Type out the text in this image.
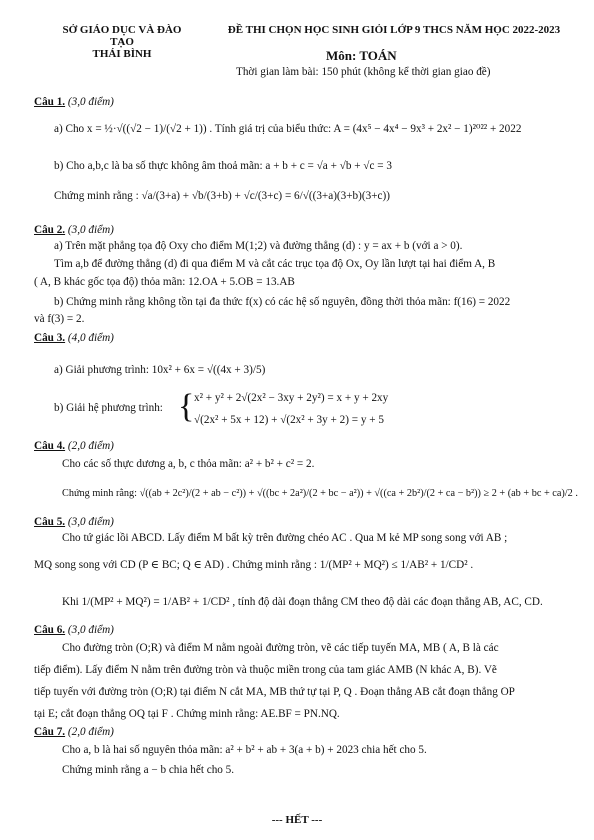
SỞ GIÁO DỤC VÀ ĐÀO TẠO
THÁI BÌNH
ĐỀ THI CHỌN HỌC SINH GIỎI LỚP 9 THCS NĂM HỌC 2022-2023
Môn: TOÁN
Thời gian làm bài: 150 phút (không kể thời gian giao đề)
Câu 1. (3,0 điểm)
a) Cho x = ½·√((√2 − 1)/(√2 + 1)) . Tính giá trị của biểu thức: A = (4x⁵ − 4x⁴ − 9x³ + 2x² − 1)²⁰²² + 2022
b) Cho a,b,c là ba số thực không âm thoả mãn: a + b + c = √a + √b + √c = 3
Chứng minh rằng : √a/(3+a) + √b/(3+b) + √c/(3+c) = 6/√((3+a)(3+b)(3+c))
Câu 2. (3,0 điểm)
a) Trên mặt phẳng tọa độ Oxy cho điểm M(1;2) và đường thẳng (d) : y = ax + b (với a > 0).
Tìm a,b để đường thẳng (d) đi qua điểm M và cắt các trục tọa độ Ox, Oy lần lượt tại hai điểm A, B
( A, B khác gốc tọa độ) thỏa mãn: 12.OA + 5.OB = 13.AB
b) Chứng minh rằng không tồn tại đa thức f(x) có các hệ số nguyên, đồng thời thỏa mãn: f(16) = 2022
và f(3) = 2.
Câu 3. (4,0 điểm)
a) Giải phương trình: 10x² + 6x = √((4x + 3)/5)
b) Giải hệ phương trình: { x² + y² + 2√(2x² − 3xy + 2y²) = x + y + 2xy
√(2x² + 5x + 12) + √(2x² + 3y + 2) = y + 5
Câu 4. (2,0 điểm)
Cho các số thực dương a, b, c thỏa mãn: a² + b² + c² = 2.
Chứng minh rằng: √((ab + 2c²)/(2 + ab − c²)) + √((bc + 2a²)/(2 + bc − a²)) + √((ca + 2b²)/(2 + ca − b²)) ≥ 2 + (ab + bc + ca)/2 .
Câu 5. (3,0 điểm)
Cho tứ giác lồi ABCD. Lấy điểm M bất kỳ trên đường chéo AC . Qua M kẻ MP song song với AB ;
MQ song song với CD (P ∈ BC; Q ∈ AD) . Chứng minh rằng : 1/(MP² + MQ²) ≤ 1/AB² + 1/CD² .
Khi 1/(MP² + MQ²) = 1/AB² + 1/CD² , tính độ dài đoạn thẳng CM theo độ dài các đoạn thẳng AB, AC, CD.
Câu 6. (3,0 điểm)
Cho đường tròn (O;R) và điểm M nằm ngoài đường tròn, vẽ các tiếp tuyến MA, MB ( A, B là các
tiếp điểm). Lấy điểm N nằm trên đường tròn và thuộc miền trong của tam giác AMB (N khác A, B). Vẽ
tiếp tuyến với đường tròn (O;R) tại điểm N cắt MA, MB thứ tự tại P, Q . Đoạn thẳng AB cắt đoạn thẳng OP
tại E; cắt đoạn thẳng OQ tại F . Chứng minh rằng: AE.BF = PN.NQ.
Câu 7. (2,0 điểm)
Cho a, b là hai số nguyên thỏa mãn: a² + b² + ab + 3(a + b) + 2023 chia hết cho 5.
Chứng minh rằng a − b chia hết cho 5.
--- HẾT ---
